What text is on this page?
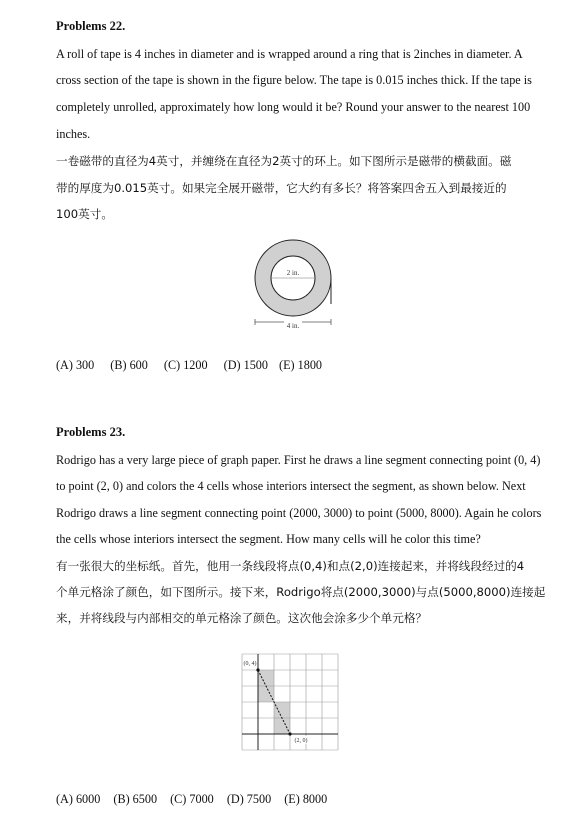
Problems 22.
A roll of tape is 4 inches in diameter and is wrapped around a ring that is 2inches in diameter. A
cross section of the tape is shown in the figure below. The tape is 0.015 inches thick. If the tape is
completely unrolled, approximately how long would it be? Round your answer to the nearest 100
inches.
一卷磁带的直径为4英寸，并缠绕在直径为2英寸的环上。如下图所示是磁带的横截面。磁
带的厚度为0.015英寸。如果完全展开磁带，它大约有多长？将答案四舍五入到最接近的
100英寸。
2 in.
4 in.
(A) 300 (B) 600 (C) 1200 (D) 1500 (E) 1800
Problems 23.
Rodrigo has a very large piece of graph paper. First he draws a line segment connecting point (0, 4)
to point (2, 0) and colors the 4 cells whose interiors intersect the segment, as shown below. Next
Rodrigo draws a line segment connecting point (2000, 3000) to point (5000, 8000). Again he colors
the cells whose interiors intersect the segment. How many cells will he color this time?
有一张很大的坐标纸。首先，他用一条线段将点(0,4)和点(2,0)连接起来，并将线段经过的4
个单元格涂了颜色，如下图所示。接下来，Rodrigo将点(2000,3000)与点(5000,8000)连接起
来，并将线段与内部相交的单元格涂了颜色。这次他会涂多少个单元格？
(0, 4)
(2, 0)
(A) 6000 (B) 6500 (C) 7000 (D) 7500 (E) 8000
